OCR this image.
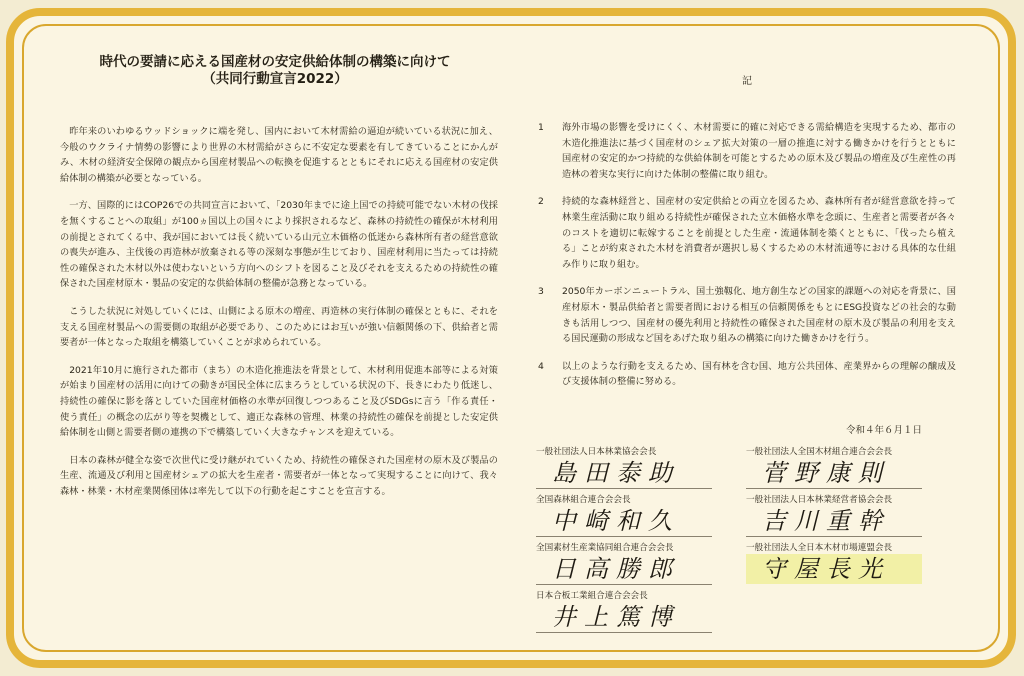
時代の要請に応える国産材の安定供給体制の構築に向けて
（共同行動宣言2022）

昨年来のいわゆるウッドショックに端を発し、国内において木材需給の逼迫が続いている状況に加え、今般のウクライナ情勢の影響により世界の木材需給がさらに不安定な要素を有してきていることにかんがみ、木材の経済安全保障の観点から国産材製品への転換を促進するとともにそれに応える国産材の安定供給体制の構築が必要となっている。

一方、国際的にはCOP26での共同宣言において、「2030年までに途上国での持続可能でない木材の伐採を無くすることへの取組」が100ヵ国以上の国々により採択されるなど、森林の持続性の確保が木材利用の前提とされてくる中、我が国においては長く続いている山元立木価格の低迷から森林所有者の経営意欲の喪失が進み、主伐後の再造林が放棄される等の深刻な事態が生じており、国産材利用に当たっては持続性の確保された木材以外は使わないという方向へのシフトを図ること及びそれを支えるための持続性の確保された国産材原木・製品の安定的な供給体制の整備が急務となっている。

こうした状況に対処していくには、山側による原木の増産、再造林の実行体制の確保とともに、それを支える国産材製品への需要側の取組が必要であり、このためにはお互いが強い信頼関係の下、供給者と需要者が一体となった取組を構築していくことが求められている。

2021年10月に施行された都市（まち）の木造化推進法を背景として、木材利用促進本部等による対策が始まり国産材の活用に向けての動きが国民全体に広まろうとしている状況の下、長きにわたり低迷し、持続性の確保に影を落としていた国産材価格の水準が回復しつつあること及びSDGsに言う「作る責任・使う責任」の概念の広がり等を契機として、適正な森林の管理、林業の持続性の確保を前提とした安定供給体制を山側と需要者側の連携の下で構築していく大きなチャンスを迎えている。

日本の森林が健全な姿で次世代に受け継がれていくため、持続性の確保された国産材の原木及び製品の生産、流通及び利用と国産材シェアの拡大を生産者・需要者が一体となって実現することに向けて、我々森林・林業・木材産業関係団体は率先して以下の行動を起こすことを宣言する。

記
1	海外市場の影響を受けにくく、木材需要に的確に対応できる需給構造を実現するため、都市の木造化推進法に基づく国産材のシェア拡大対策の一層の推進に対する働きかけを行うとともに国産材の安定的かつ持続的な供給体制を可能とするための原木及び製品の増産及び生産性の再造林の着実な実行に向けた体制の整備に取り組む。
2	持続的な森林経営と、国産材の安定供給との両立を図るため、森林所有者が経営意欲を持って林業生産活動に取り組める持続性が確保された立木価格水準を念頭に、生産者と需要者が各々のコストを適切に転嫁することを前提とした生産・流通体制を築くとともに、「伐ったら植える」ことが約束された木材を消費者が選択し易くするための木材流通等における具体的な仕組み作りに取り組む。
3	2050年カーボンニュートラル、国土強靱化、地方創生などの国家的課題への対応を背景に、国産材原木・製品供給者と需要者間における相互の信頼関係をもとにESG投資などの社会的な動きも活用しつつ、国産材の優先利用と持続性の確保された国産材の原木及び製品の利用を支える国民運動の形成など国をあげた取り組みの構築に向けた働きかけを行う。
4	以上のような行動を支えるため、国有林を含む国、地方公共団体、産業界からの理解の醸成及び支援体制の整備に努める。
令和４年６月１日
一般社団法人日本林業協会会長
島田泰助
全国森林組合連合会会長
中崎和久
全国素材生産業協同組合連合会会長
日高勝郎
日本合板工業組合連合会会長
井上篤博
一般社団法人全国木材組合連合会会長
菅野康則
一般社団法人日本林業経営者協会会長
吉川重幹
一般社団法人全日本木材市場連盟会長
守屋長光
